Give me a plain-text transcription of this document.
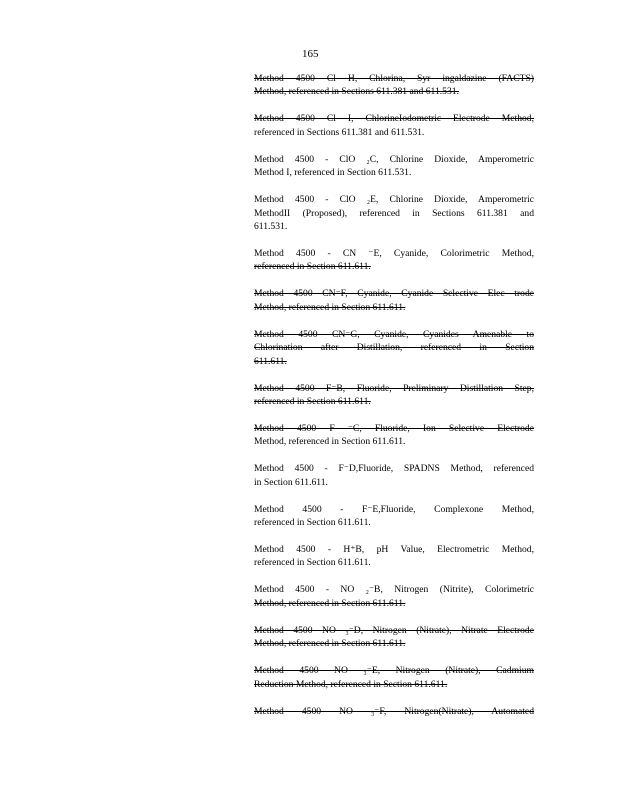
165
Method 4500 Cl H, Chlorina, Syr ingaldazine (FACTS)
Method, referenced in Sections 611.381 and 611.531.
Method 4500 Cl I, ChlorineIodometric Electrode Method,
referenced in Sections 611.381 and 611.531.
Method 4500 - ClO ₂C, Chlorine Dioxide, Amperometric
Method I, referenced in Section 611.531.
Method 4500 - ClO ₂E, Chlorine Dioxide, Amperometric
MethodII (Proposed), referenced in Sections 611.381 and
611.531.
Method 4500 - CN ⁻E, Cyanide, Colorimetric Method,
referenced in Section 611.611.
Method 4500 CN⁻F, Cyanide, Cyanide Selective Elec trode
Method, referenced in Section 611.611.
Method 4500 CN⁻G, Cyanide, Cyanides Amenable to
Chlorination after Distillation, referenced in Section
611.611.
Method 4500 F⁻B, Fluoride, Preliminary Distillation Step,
referenced in Section 611.611.
Method 4500 F ⁻C, Fluoride, Ion Selective Electrode
Method, referenced in Section 611.611.
Method 4500 - F⁻D,Fluoride, SPADNS Method, referenced
in Section 611.611.
Method 4500 - F⁻E,Fluoride, Complexone Method,
referenced in Section 611.611.
Method 4500 - H⁺B, pH Value, Electrometric Method,
referenced in Section 611.611.
Method 4500 - NO ₂⁻B, Nitrogen (Nitrite), Colorimetric
Method, referenced in Section 611.611.
Method 4500 NO ₃⁻D, Nitrogen (Nitrate), Nitrate Electrode
Method, referenced in Section 611.611.
Method 4500 NO ₃⁻E, Nitrogen (Nitrate), Cadmium
Reduction Method, referenced in Section 611.611.
Method 4500 NO ₃⁻F, Nitrogen(Nitrate), Automated
